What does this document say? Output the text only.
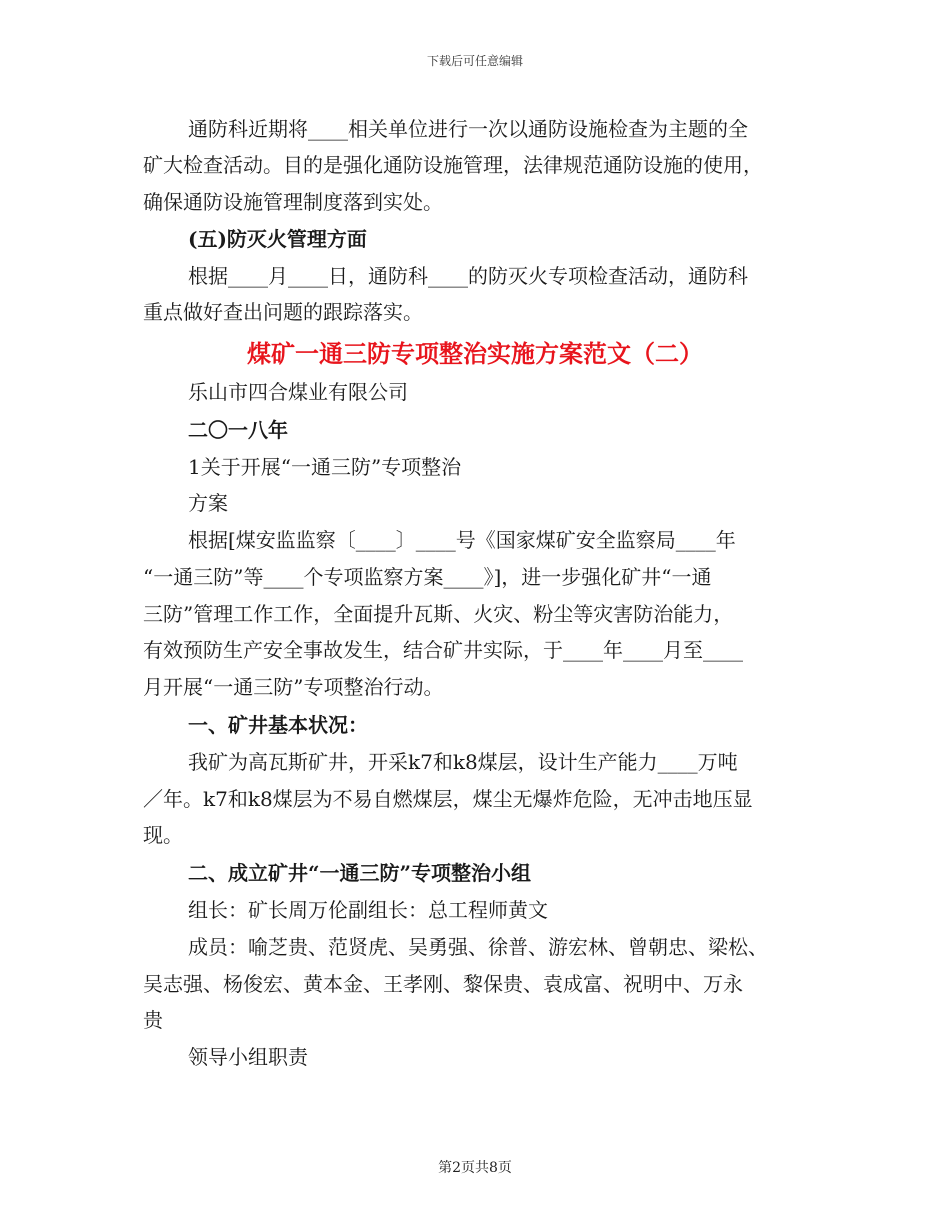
下载后可任意编辑
通防科近期将____相关单位进行一次以通防设施检查为主题的全
矿大检查活动。目的是强化通防设施管理，法律规范通防设施的使用，
确保通防设施管理制度落到实处。
(五)防灭火管理方面
根据____月____日，通防科____的防灭火专项检查活动，通防科
重点做好查出问题的跟踪落实。
煤矿一通三防专项整治实施方案范文（二）
乐山市四合煤业有限公司
二〇一八年
1关于开展“一通三防”专项整治
方案
根据[煤安监监察〔____〕____号《国家煤矿安全监察局____年
“一通三防”等____个专项监察方案____》]，进一步强化矿井“一通
三防”管理工作工作，全面提升瓦斯、火灾、粉尘等灾害防治能力，
有效预防生产安全事故发生，结合矿井实际，于____年____月至____
月开展“一通三防”专项整治行动。
一、矿井基本状况：
我矿为高瓦斯矿井，开采k7和k8煤层，设计生产能力____万吨
／年。k7和k8煤层为不易自燃煤层，煤尘无爆炸危险，无冲击地压显
现。
二、成立矿井“一通三防”专项整治小组
组长：矿长周万伦副组长：总工程师黄文
成员：喻芝贵、范贤虎、吴勇强、徐普、游宏林、曾朝忠、梁松、
吴志强、杨俊宏、黄本金、王孝刚、黎保贵、袁成富、祝明中、万永
贵
领导小组职责
第2页共8页
